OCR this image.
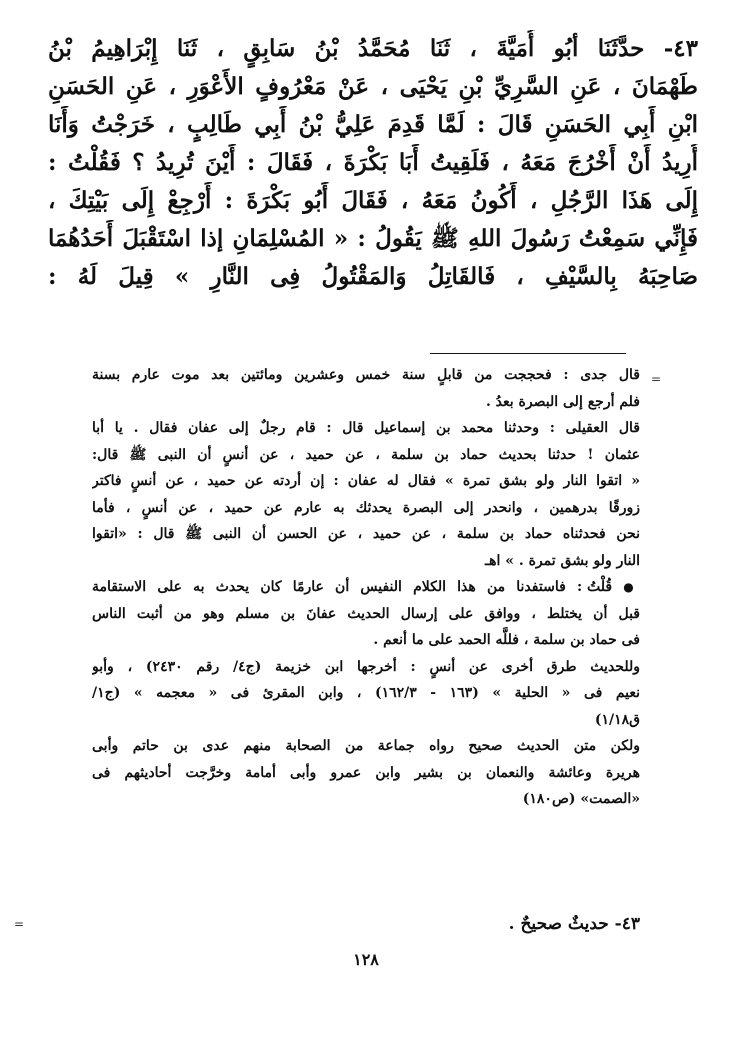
٤٣- حدَّثَنَا أبُو أُمَيَّةَ ، ثَنَا مُحَمَّدُ بْنُ سَابِقٍ ، ثَنَا إِبْرَاهِيمُ بْنُ
طَهْمَانَ ، عَنِ السَّرِيِّ بْنِ يَحْيَى ، عَنْ مَعْرُوفٍ الأَعْوَرِ ، عَنِ الحَسَنِ
ابْنِ أَبِي الحَسَنِ قَالَ : لَمَّا قَدِمَ عَلِيُّ بْنُ أَبِي طَالِبٍ ، خَرَجْتُ وَأَنَا
أُرِيدُ أَنْ أَخْرُجَ مَعَهُ ، فَلَقِيتُ أَبَا بَكْرَةَ ، فَقَالَ : أَيْنَ تُرِيدُ ؟ فَقُلْتُ :
إِلَى هَذَا الرَّجُلِ ، أَكُونُ مَعَهُ ، فَقَالَ أَبُو بَكْرَةَ : أَرْجِعْ إِلَى بَيْتِكَ ،
فَإِنِّي سَمِعْتُ رَسُولَ اللهِ ﷺ يَقُولُ : « المُسْلِمَانِ إذا اسْتَقْبَلَ أَحَدُهُمَا
صَاحِبَهُ بِالسَّيْفِ ، فَالقَاتِلُ وَالمَقْتُولُ فِى النَّارِ » قِيلَ لَهُ :
قال جدى : فحججت من قابلٍ سنة خمس وعشرين ومائتين بعد موت عارم بسنة
فلم أرجع إلى البصرة بعدُ .
قال العقيلى : وحدثنا محمد بن إسماعيل قال : قام رجلٌ إلى عفان فقال . يا أبا
عثمان ! حدثنا بحديث حماد بن سلمة ، عن حميد ، عن أنسٍ أن النبى ﷺ قال:
« اتقوا النار ولو بشق تمرة » فقال له عفان : إن أردته عن حميد ، عن أنسٍ فاكتر
زورقًا بدرهمين ، وانحدر إلى البصرة يحدثك به عارم عن حميد ، عن أنسٍ ، فأما
نحن فحدثناه حماد بن سلمة ، عن حميد ، عن الحسن أن النبى ﷺ قال : «اتقوا
النار ولو بشق تمرة . » اهـ
● قُلْتُ : فاستفدنا من هذا الكلام النفيس أن عارمًا كان يحدث به على الاستقامة
قبل أن يختلط ، ووافق على إرسال الحديث عفانَ بن مسلم وهو من أثبت الناس
فى حماد بن سلمة ، فللَّه الحمد على ما أنعم .
وللحديث طرق أخرى عن أنسٍ : أخرجها ابن خزيمة (ج٤/ رقم ٢٤٣٠) ، وأبو
نعيم فى « الحلية » (١٦٣ - ١٦٢/٣) ، وابن المقرئ فى « معجمه » (ج١/
ق١/١٨)
ولكن متن الحديث صحيح رواه جماعة من الصحابة منهم عدى بن حاتم وأبى
هريرة وعائشة والنعمان بن بشير وابن عمرو وأبى أمامة وخرَّجت أحاديثهم فى
«الصمت» (ص١٨٠)
٤٣- حديثٌ صحيحٌ .
١٢٨
=
=
